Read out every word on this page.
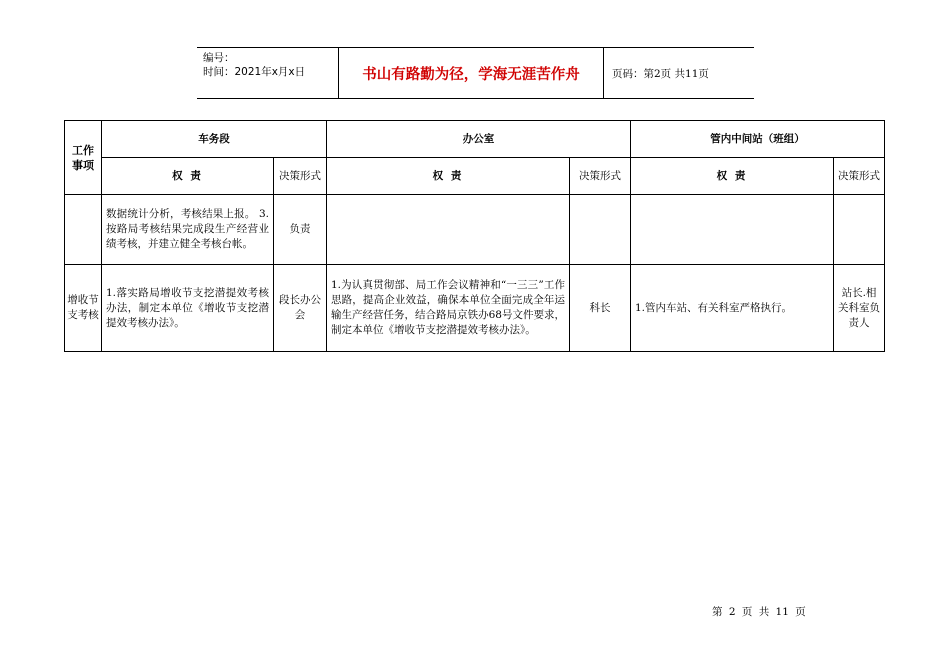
编号：
时间：2021年x月x日	书山有路勤为径，学海无涯苦作舟	页码：第2页 共11页
工作事项	车务段		办公室		管内中间站（班组）	
	权 责	决策形式	权 责	决策形式	权 责	决策形式
	数据统计分析，考核结果上报。 3.按路局考核结果完成段生产经营业绩考核，并建立健全考核台帐。	负责				
增收节支考核	1.落实路局增收节支挖潜提效考核办法，制定本单位《增收节支挖潜提效考核办法》。	段长办公会	1.为认真贯彻部、局工作会议精神和“一三三”工作思路，提高企业效益，确保本单位全面完成全年运输生产经营任务，结合路局京铁办68号文件要求，制定本单位《增收节支挖潜提效考核办法》。	科长	1.管内车站、有关科室严格执行。	站长.相关科室负责人
第 2 页 共 11 页
